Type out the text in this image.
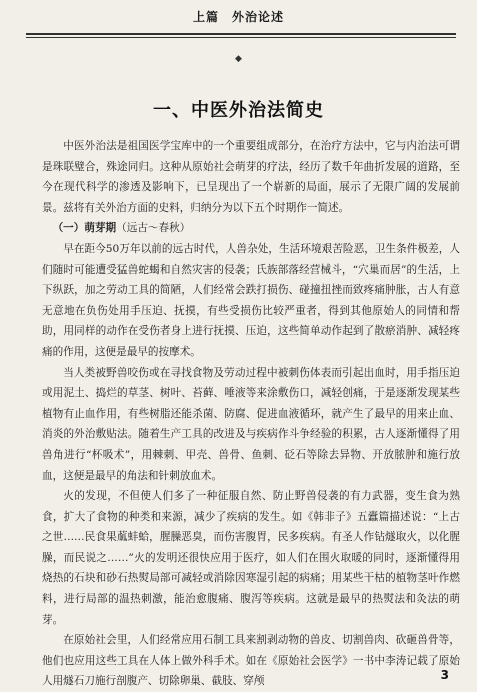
上篇　外治论述
◆
一、中医外治法简史

中医外治法是祖国医学宝库中的一个重要组成部分，在治疗方法中，它与内治法可谓是珠联璧合，殊途同归。这种从原始社会萌芽的疗法，经历了数千年曲折发展的道路，至今在现代科学的渗透及影响下，已呈现出了一个崭新的局面，展示了无限广阔的发展前景。兹将有关外治方面的史料，归纳分为以下五个时期作一简述。

（一）萌芽期（远古～春秋）

早在距今50万年以前的远古时代，人兽杂处，生活环境艰苦险恶，卫生条件极差，人们随时可能遭受猛兽蛇蝎和自然灾害的侵袭；氏族部落经营械斗，“穴巢而居”的生活，上下纵跃，加之劳动工具的简陋，人们经常会跌打损伤、碰撞扭挫而致疼痛肿胀，古人有意无意地在负伤处用手压迫、抚摸，有些受损伤比较严重者，得到其他原始人的同情和帮助，用同样的动作在受伤者身上进行抚摸、压迫，这些简单动作起到了散瘀消肿、减轻疼痛的作用，这便是最早的按摩术。

当人类被野兽咬伤或在寻找食物及劳动过程中被刺伤体表而引起出血时，用手指压迫或用泥土、捣烂的草茎、树叶、苔藓、唾液等来涂敷伤口，减轻创痛，于是逐渐发现某些植物有止血作用，有些树脂还能杀菌、防腐、促进血液循环，就产生了最早的用来止血、消炎的外治敷贴法。随着生产工具的改进及与疾病作斗争经验的积累，古人逐渐懂得了用兽角进行“杯吸术”，用棘刺、甲壳、兽骨、鱼刺、砭石等除去异物、开放脓肿和施行放血，这便是最早的角法和针刺放血术。

火的发现，不但使人们多了一种征服自然、防止野兽侵袭的有力武器，变生食为熟食，扩大了食物的种类和来源，减少了疾病的发生。如《韩非子》五蠹篇描述说：“上古之世……民食果蓏蚌蛤，腥臊恶臭，而伤害腹胃，民多疾病。有圣人作钻燧取火，以化腥臊，而民说之……”火的发明还很快应用于医疗，如人们在围火取暖的同时，逐渐懂得用烧热的石块和砂石热熨局部可减轻或消除因寒湿引起的病痛；用某些干枯的植物茎叶作燃料，进行局部的温热刺激，能治愈腹痛、腹泻等疾病。这就是最早的热熨法和灸法的萌芽。

在原始社会里，人们经常应用石制工具来割剥动物的兽皮、切割兽肉、砍砸兽骨等，他们也应用这些工具在人体上做外科手术。如在《原始社会医学》一书中李涛记载了原始人用燧石刀施行剖腹产、切除卵巢、截肢、穿颅	3
